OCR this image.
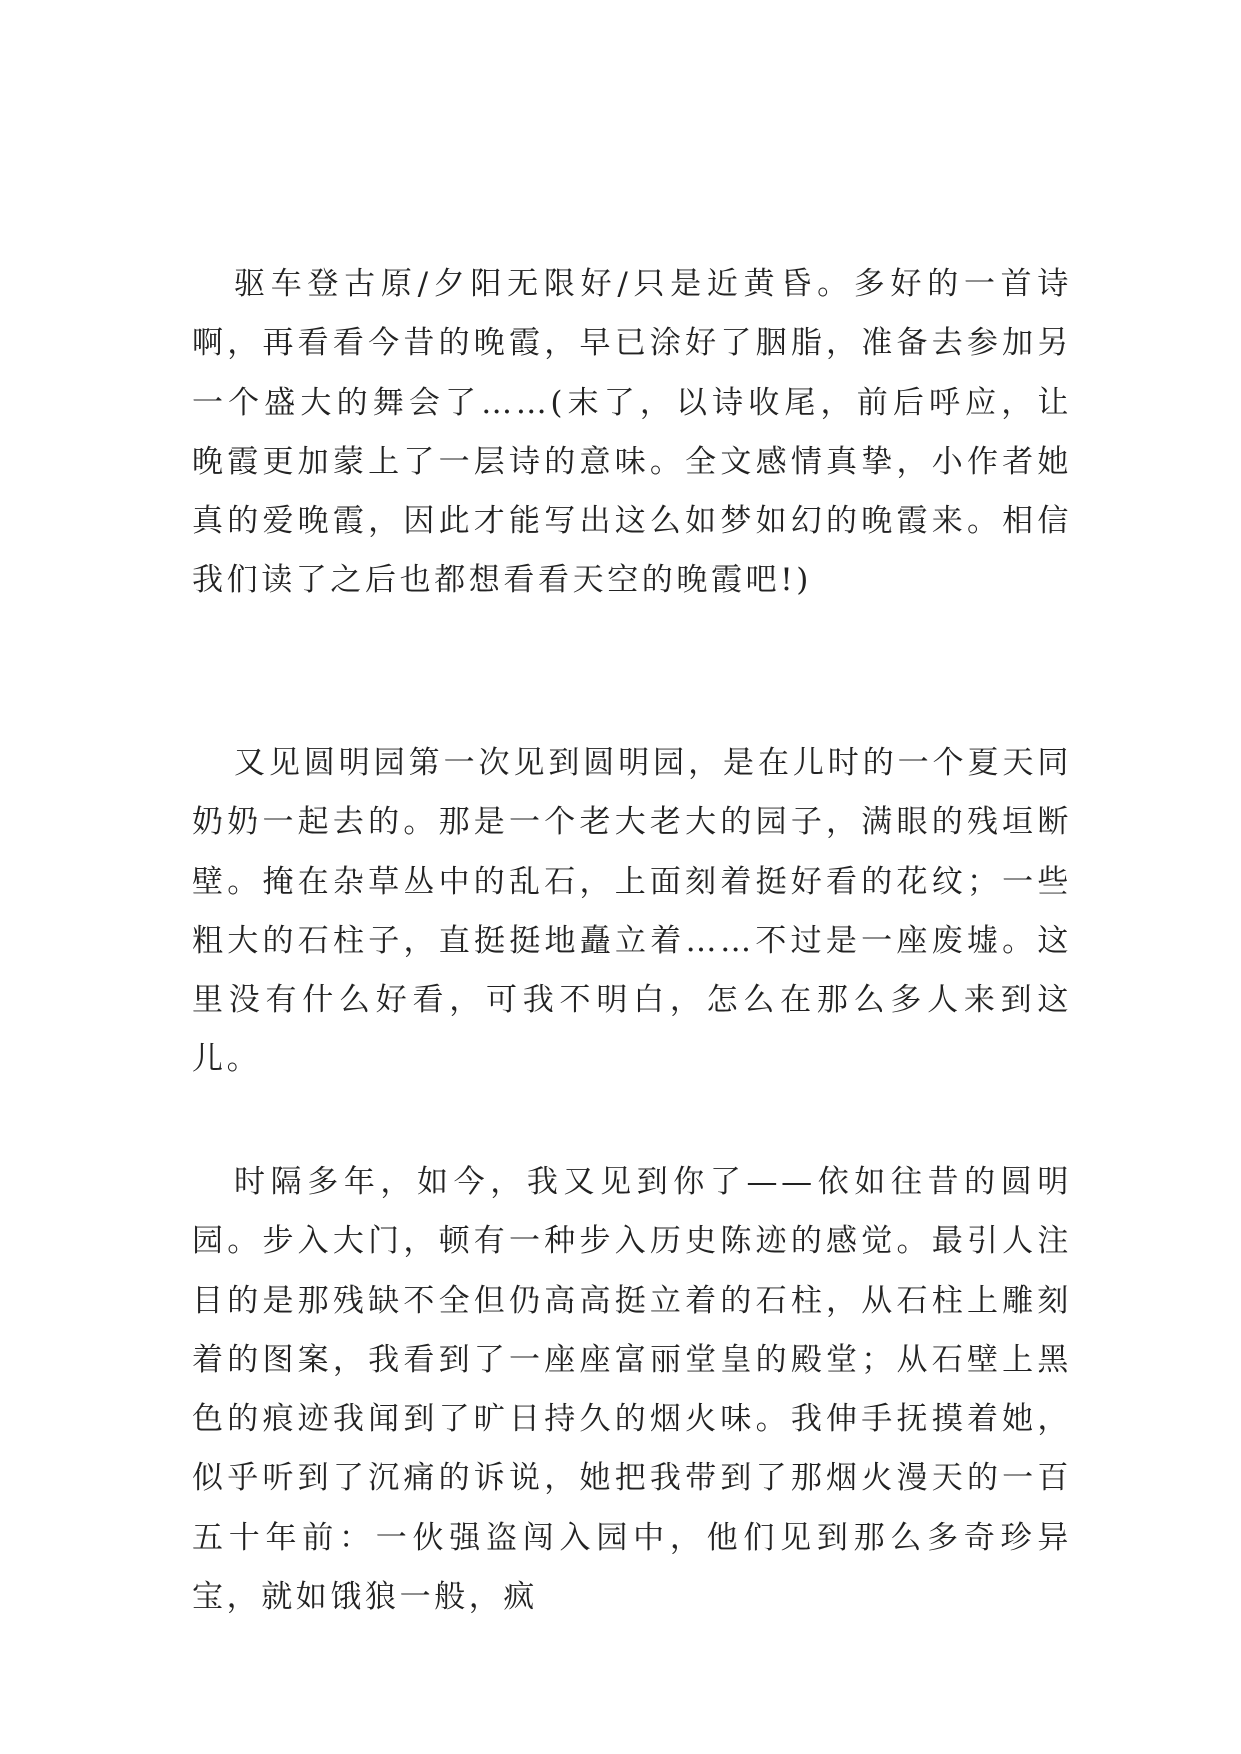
驱车登古原/夕阳无限好/只是近黄昏。多好的一首诗啊，再看看今昔的晚霞，早已涂好了胭脂，准备去参加另一个盛大的舞会了……(末了，以诗收尾，前后呼应，让晚霞更加蒙上了一层诗的意味。全文感情真挚，小作者她真的爱晚霞，因此才能写出这么如梦如幻的晚霞来。相信我们读了之后也都想看看天空的晚霞吧!)

又见圆明园第一次见到圆明园，是在儿时的一个夏天同奶奶一起去的。那是一个老大老大的园子，满眼的残垣断壁。掩在杂草丛中的乱石，上面刻着挺好看的花纹；一些粗大的石柱子，直挺挺地矗立着……不过是一座废墟。这里没有什么好看，可我不明白，怎么在那么多人来到这儿。

时隔多年，如今，我又见到你了——依如往昔的圆明园。步入大门，顿有一种步入历史陈迹的感觉。最引人注目的是那残缺不全但仍高高挺立着的石柱，从石柱上雕刻着的图案，我看到了一座座富丽堂皇的殿堂；从石壁上黑色的痕迹我闻到了旷日持久的烟火味。我伸手抚摸着她，似乎听到了沉痛的诉说，她把我带到了那烟火漫天的一百五十年前：一伙强盗闯入园中，他们见到那么多奇珍异宝，就如饿狼一般，疯
